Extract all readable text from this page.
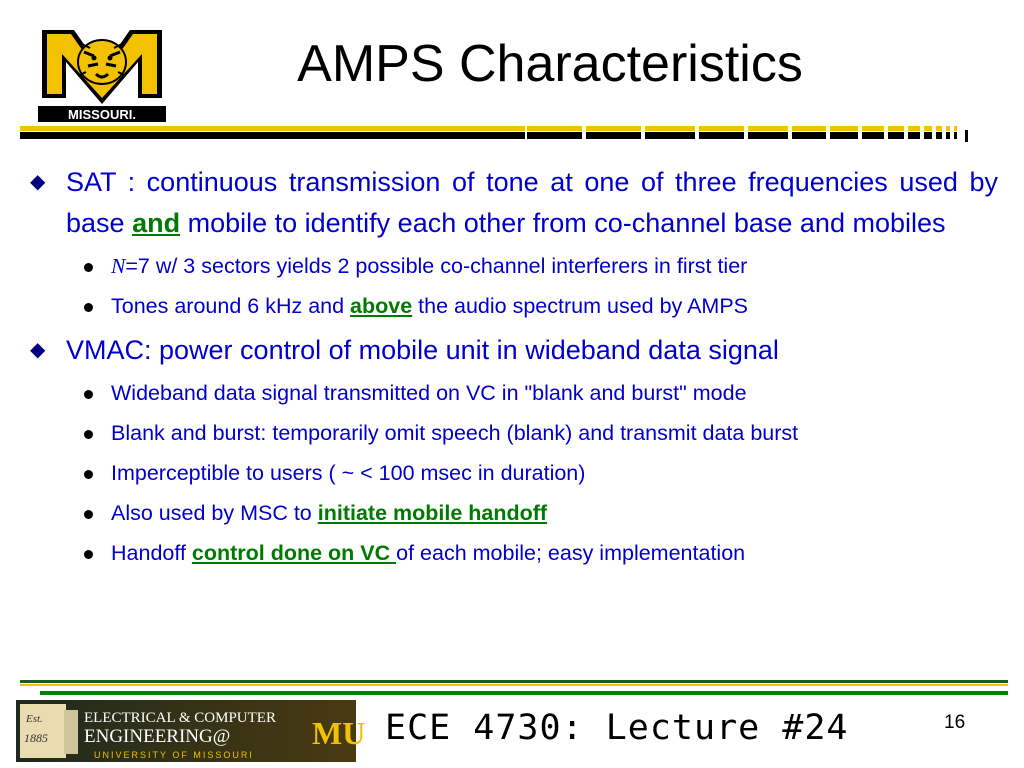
MISSOURI.
AMPS Characteristics
◆ SAT : continuous transmission of tone at one of three frequencies used by base and mobile to identify each other from co-channel base and mobiles
N=7 w/ 3 sectors yields 2 possible co-channel interferers in first tier
Tones around 6 kHz and above the audio spectrum used by AMPS
◆ VMAC: power control of mobile unit in wideband data signal
Wideband data signal transmitted on VC in "blank and burst" mode
Blank and burst: temporarily omit speech (blank) and transmit data burst
Imperceptible to users ( ~ < 100 msec in duration)
Also used by MSC to initiate mobile handoff
Handoff control done on VC of each mobile; easy implementation
Est.
1885
ELECTRICAL & COMPUTER
ENGINEERING@	MU
UNIVERSITY OF MISSOURI
ECE 4730: Lecture #24	16
